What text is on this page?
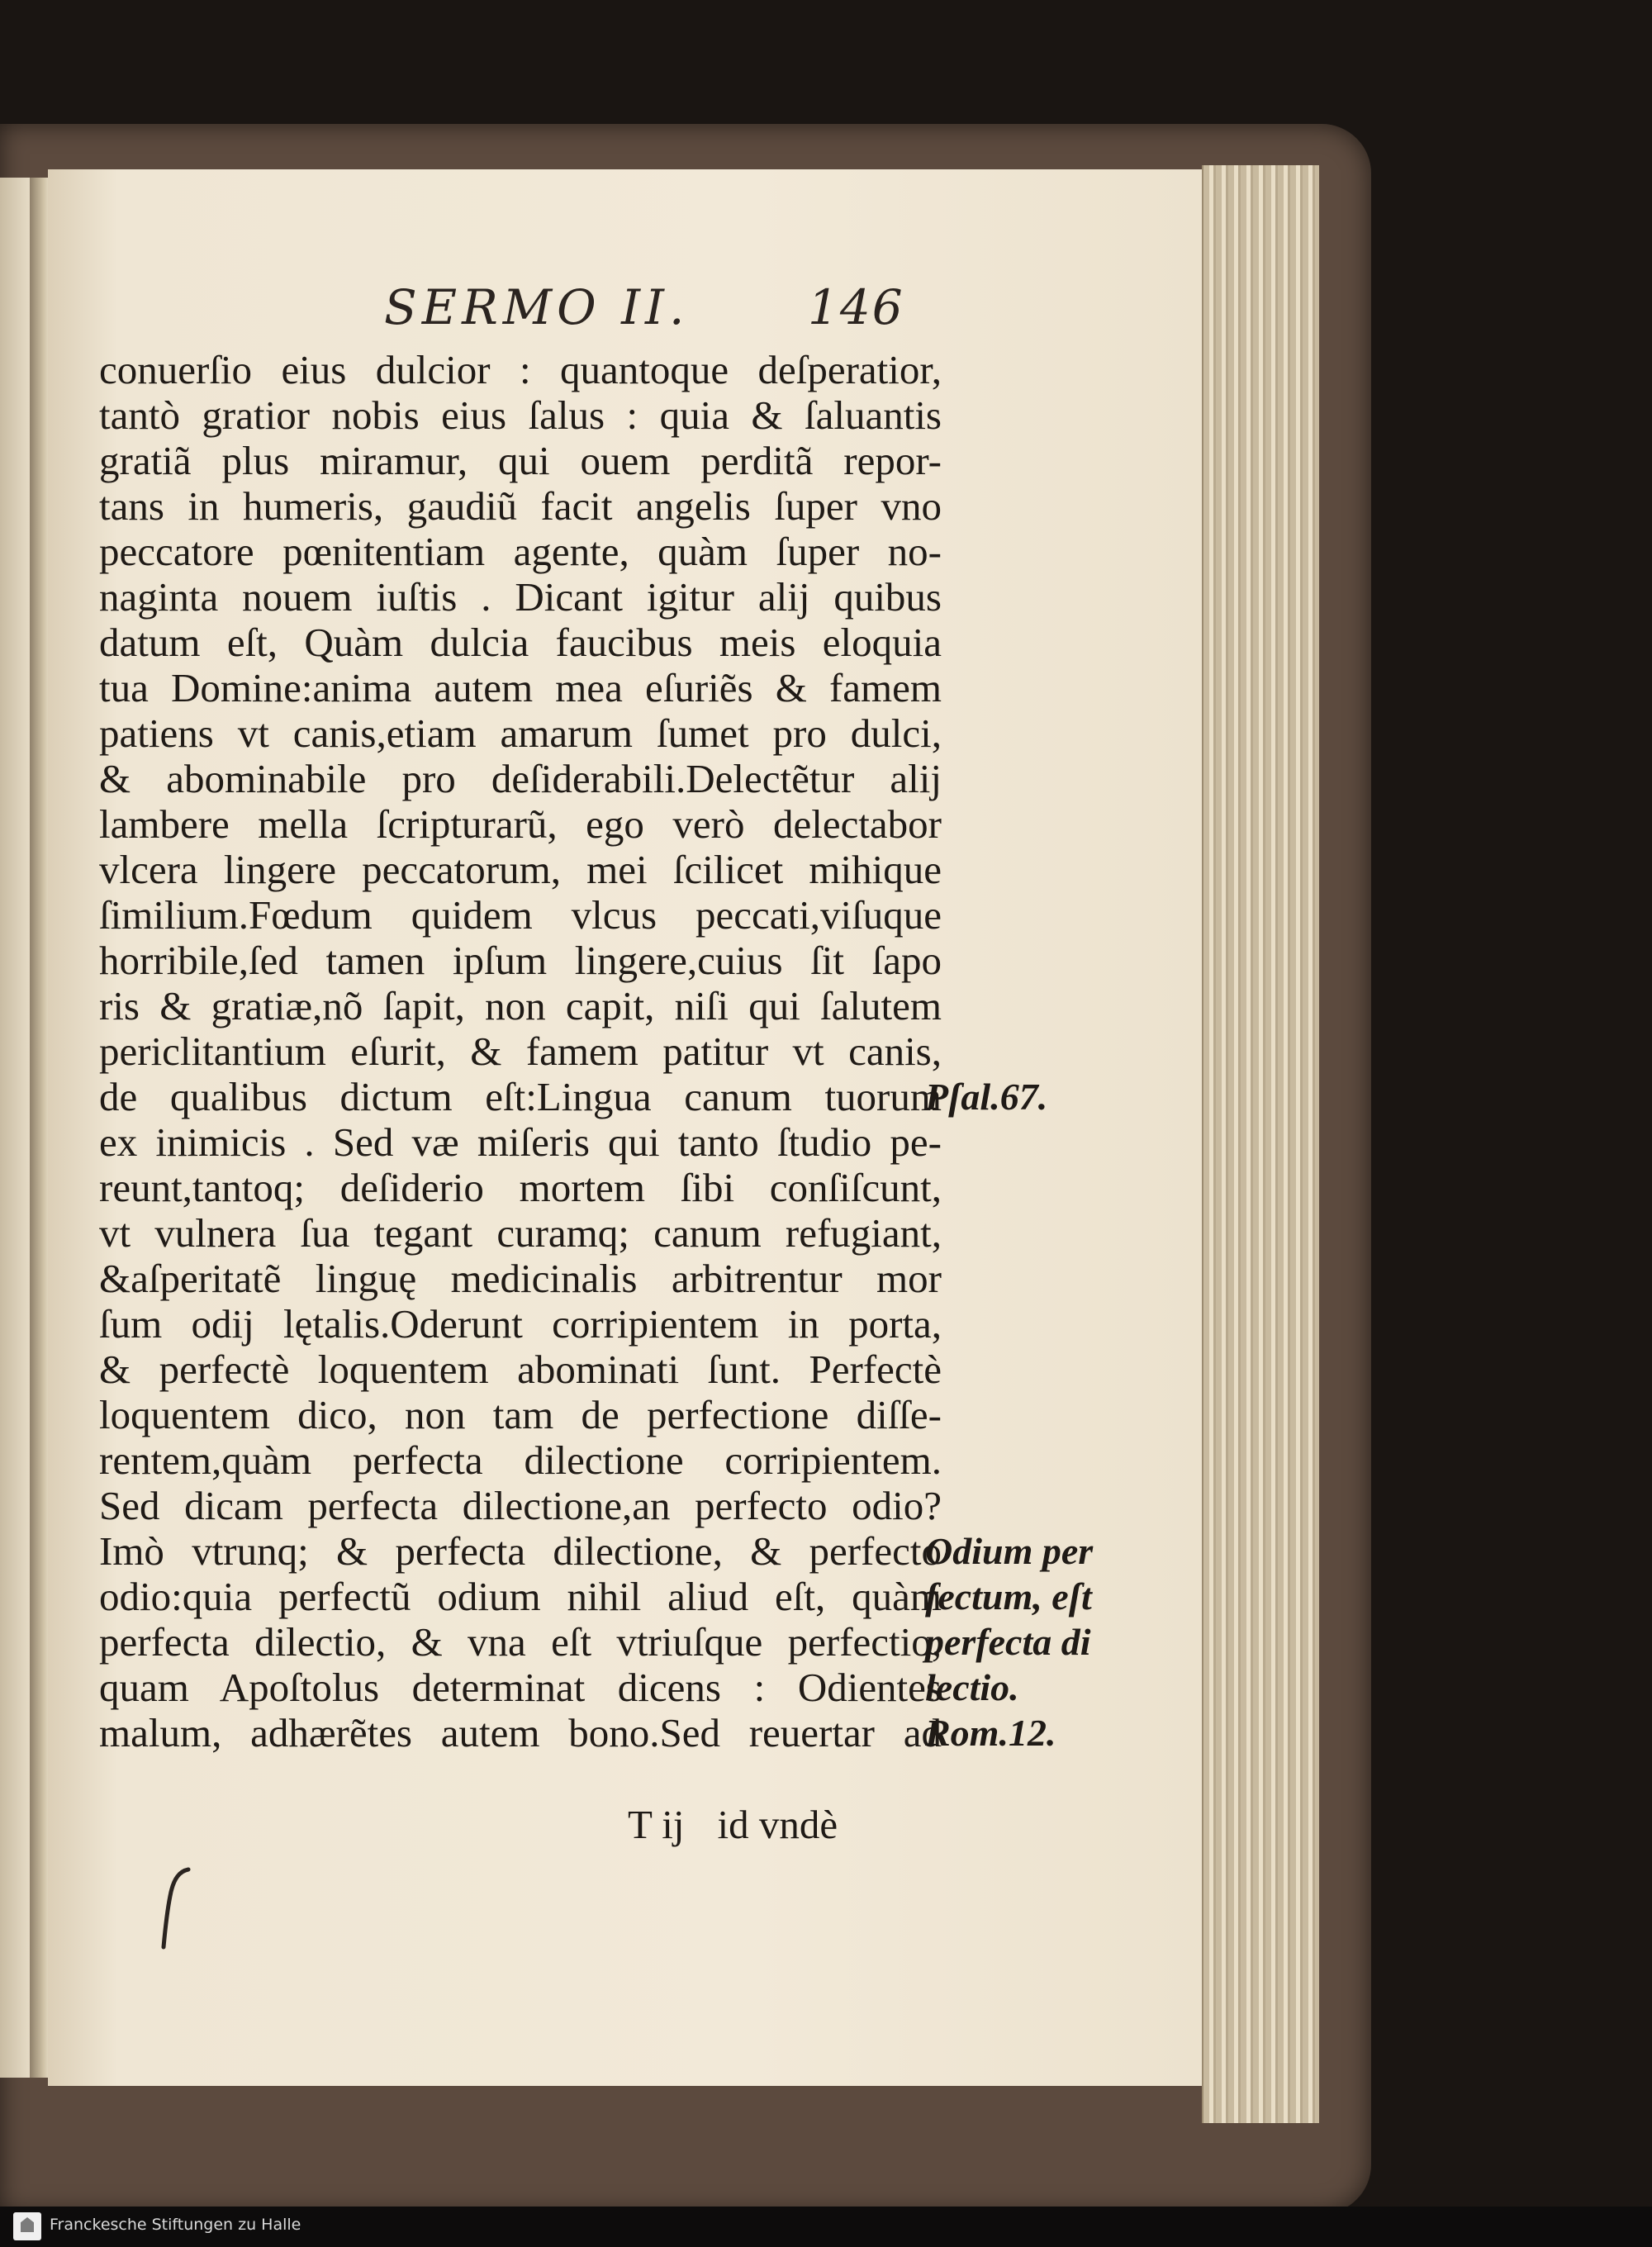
SERMO II. 146
conuerſio eius dulcior : quantoque deſperatior,
tantò gratior nobis eius ſalus : quia & ſaluantis
gratiã plus miramur, qui ouem perditã repor-
tans in humeris, gaudiũ facit angelis ſuper vno
peccatore pœnitentiam agente, quàm ſuper no-
naginta nouem iuſtis . Dicant igitur alij quibus
datum eſt, Quàm dulcia faucibus meis eloquia
tua Domine:anima autem mea eſuriẽs & famem
patiens vt canis,etiam amarum ſumet pro dulci,
& abominabile pro deſiderabili.Delectẽtur alij
lambere mella ſcripturarũ, ego verò delectabor
vlcera lingere peccatorum, mei ſcilicet mihique
ſimilium.Fœdum quidem vlcus peccati,viſuque
horribile,ſed tamen ipſum lingere,cuius ſit ſapo
ris & gratiæ,nõ ſapit, non capit, niſi qui ſalutem
periclitantium eſurit, & famem patitur vt canis,
de qualibus dictum eſt:Lingua canum tuorum
ex inimicis . Sed væ miſeris qui tanto ſtudio pe-
reunt,tantoq; deſiderio mortem ſibi conſiſcunt,
vt vulnera ſua tegant curamq; canum refugiant,
&aſperitatẽ linguę medicinalis arbitrentur mor
ſum odij lętalis.Oderunt corripientem in porta,
& perfectè loquentem abominati ſunt. Perfectè
loquentem dico, non tam de perfectione diſſe-
rentem,quàm perfecta dilectione corripientem.
Sed dicam perfecta dilectione,an perfecto odio?
Imò vtrunq; & perfecta dilectione, & perfecto
odio:quia perfectũ odium nihil aliud eſt, quàm
perfecta dilectio, & vna eſt vtriuſque perfectio,
quam Apoſtolus determinat dicens : Odientes
malum, adhærẽtes autem bono.Sed reuertar ad
Pſal.67.
Odium per
fectum, eſt
perfecta di
lectio.
Rom.12.
T ij id vndè
Franckesche Stiftungen zu Halle
